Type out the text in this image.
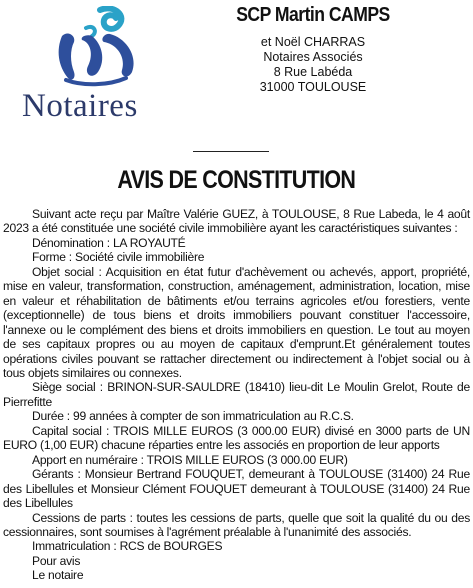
Notaires
SCP Martin CAMPS
et Noël CHARRAS
Notaires Associés
8 Rue Labéda
31000 TOULOUSE
AVIS DE CONSTITUTION

Suivant acte reçu par Maître Valérie GUEZ, à TOULOUSE, 8 Rue Labeda, le 4 août 2023 a été constituée une société civile immobilière ayant les caractéristiques suivantes :

Dénomination : LA ROYAUTÉ

Forme : Société civile immobilière

Objet social : Acquisition en état futur d'achèvement ou achevés, apport, propriété, mise en valeur, transformation, construction, aménagement, administration, location, mise en valeur et réhabilitation de bâtiments et/ou terrains agricoles et/ou forestiers, vente (exceptionnelle) de tous biens et droits immobiliers pouvant constituer l'accessoire, l'annexe ou le complément des biens et droits immobiliers en question. Le tout au moyen de ses capitaux propres ou au moyen de capitaux d'emprunt.Et généralement toutes opérations civiles pouvant se rattacher directement ou indirectement à l'objet social ou à tous objets similaires ou connexes.

Siège social : BRINON-SUR-SAULDRE (18410) lieu-dit Le Moulin Grelot, Route de Pierrefitte

Durée : 99 années à compter de son immatriculation au R.C.S.

Capital social : TROIS MILLE EUROS (3 000.00 EUR) divisé en 3000 parts de UN EURO (1,00 EUR) chacune réparties entre les associés en proportion de leur apports

Apport en numéraire : TROIS MILLE EUROS (3 000.00 EUR)

Gérants : Monsieur Bertrand FOUQUET, demeurant à TOULOUSE (31400) 24 Rue des Libellules et Monsieur Clément FOUQUET demeurant à TOULOUSE (31400) 24 Rue des Libellules

Cessions de parts : toutes les cessions de parts, quelle que soit la qualité du ou des cessionnaires, sont soumises à l'agrément préalable à l'unanimité des associés.

Immatriculation : RCS de BOURGES

Pour avis

Le notaire
